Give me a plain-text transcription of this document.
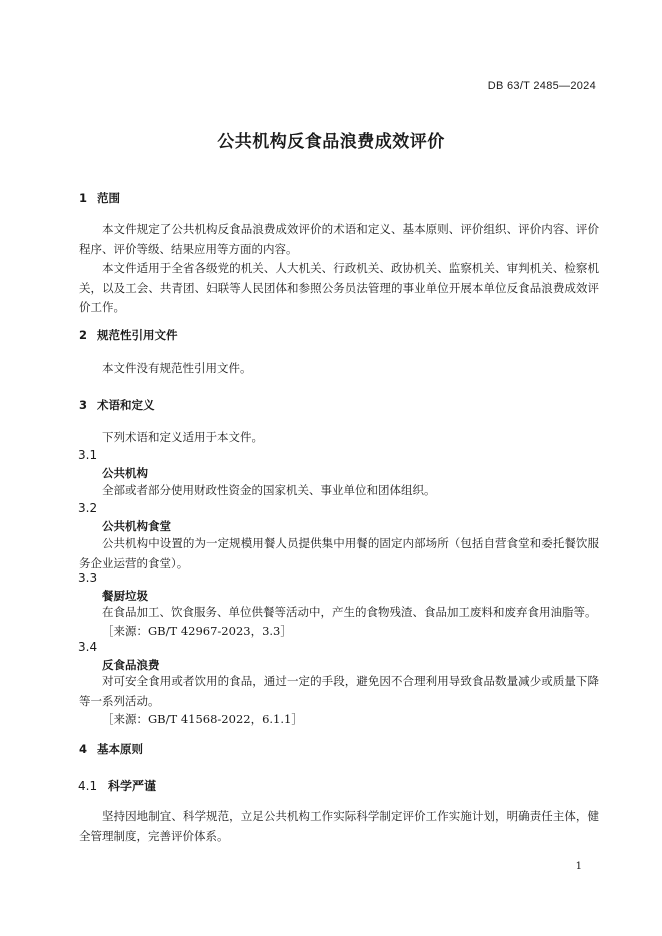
DB 63/T 2485—2024
公共机构反食品浪费成效评价
1 范围
本文件规定了公共机构反食品浪费成效评价的术语和定义、基本原则、评价组织、评价内容、评价程序、评价等级、结果应用等方面的内容。
本文件适用于全省各级党的机关、人大机关、行政机关、政协机关、监察机关、审判机关、检察机关，以及工会、共青团、妇联等人民团体和参照公务员法管理的事业单位开展本单位反食品浪费成效评价工作。
2 规范性引用文件
本文件没有规范性引用文件。
3 术语和定义
下列术语和定义适用于本文件。
3.1
公共机构
全部或者部分使用财政性资金的国家机关、事业单位和团体组织。
3.2
公共机构食堂
公共机构中设置的为一定规模用餐人员提供集中用餐的固定内部场所（包括自营食堂和委托餐饮服务企业运营的食堂）。
3.3
餐厨垃圾
在食品加工、饮食服务、单位供餐等活动中，产生的食物残渣、食品加工废料和废弃食用油脂等。
［来源：GB/T 42967-2023，3.3］
3.4
反食品浪费
对可安全食用或者饮用的食品，通过一定的手段，避免因不合理利用导致食品数量减少或质量下降等一系列活动。
［来源：GB/T 41568-2022，6.1.1］
4 基本原则
4.1 科学严谨
坚持因地制宜、科学规范，立足公共机构工作实际科学制定评价工作实施计划，明确责任主体，健全管理制度，完善评价体系。
1
